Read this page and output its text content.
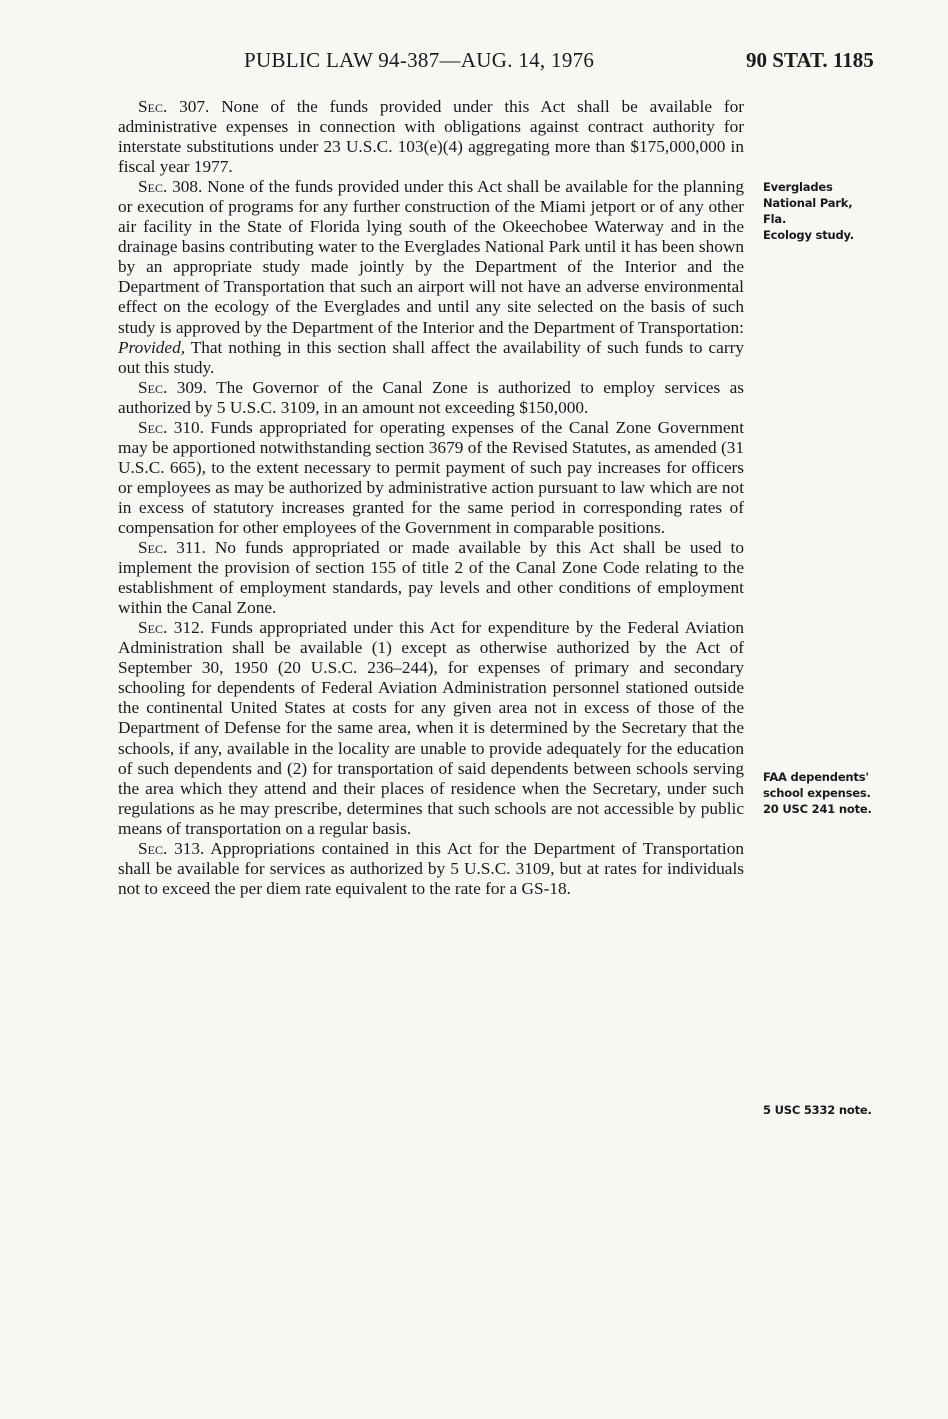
PUBLIC LAW 94-387—AUG. 14, 1976	90 STAT. 1185

Sec. 307. None of the funds provided under this Act shall be available for administrative expenses in connection with obligations against contract authority for interstate substitutions under 23 U.S.C. 103(e)(4) aggregating more than $175,000,000 in fiscal year 1977.

Sec. 308. None of the funds provided under this Act shall be available for the planning or execution of programs for any further construction of the Miami jetport or of any other air facility in the State of Florida lying south of the Okeechobee Waterway and in the drainage basins contributing water to the Everglades National Park until it has been shown by an appropriate study made jointly by the Department of the Interior and the Department of Transportation that such an airport will not have an adverse environmental effect on the ecology of the Everglades and until any site selected on the basis of such study is approved by the Department of the Interior and the Department of Transportation: Provided, That nothing in this section shall affect the availability of such funds to carry out this study.

Sec. 309. The Governor of the Canal Zone is authorized to employ services as authorized by 5 U.S.C. 3109, in an amount not exceeding $150,000.

Sec. 310. Funds appropriated for operating expenses of the Canal Zone Government may be apportioned notwithstanding section 3679 of the Revised Statutes, as amended (31 U.S.C. 665), to the extent necessary to permit payment of such pay increases for officers or employees as may be authorized by administrative action pursuant to law which are not in excess of statutory increases granted for the same period in corresponding rates of compensation for other employees of the Government in comparable positions.

Sec. 311. No funds appropriated or made available by this Act shall be used to implement the provision of section 155 of title 2 of the Canal Zone Code relating to the establishment of employment standards, pay levels and other conditions of employment within the Canal Zone.

Sec. 312. Funds appropriated under this Act for expenditure by the Federal Aviation Administration shall be available (1) except as otherwise authorized by the Act of September 30, 1950 (20 U.S.C. 236–244), for expenses of primary and secondary schooling for dependents of Federal Aviation Administration personnel stationed outside the continental United States at costs for any given area not in excess of those of the Department of Defense for the same area, when it is determined by the Secretary that the schools, if any, available in the locality are unable to provide adequately for the education of such dependents and (2) for transportation of said dependents between schools serving the area which they attend and their places of residence when the Secretary, under such regulations as he may prescribe, determines that such schools are not accessible by public means of transportation on a regular basis.

Sec. 313. Appropriations contained in this Act for the Department of Transportation shall be available for services as authorized by 5 U.S.C. 3109, but at rates for individuals not to exceed the per diem rate equivalent to the rate for a GS-18.

Everglades
National Park,
Fla.
Ecology study.
FAA dependents'
school expenses.
20 USC 241 note.
5 USC 5332 note.
